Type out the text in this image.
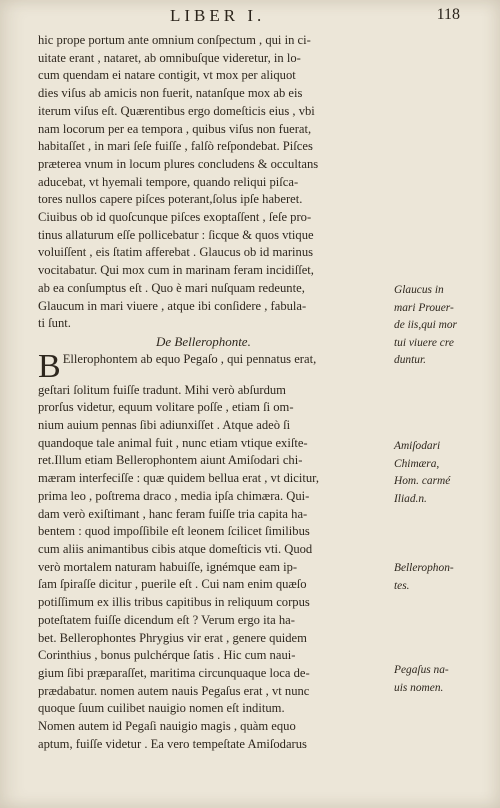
LIBER I.	118
hic prope portum ante omnium conſpectum , qui in ci-
uitate erant , nataret, ab omnibuſque videretur, in lo-
cum quendam ei natare contigit, vt mox per aliquot
dies viſus ab amicis non fuerit, natanſque mox ab eis
iterum viſus eſt. Quærentibus ergo domeſticis eius , vbi
nam locorum per ea tempora , quibus viſus non fuerat,
habitaſſet , in mari ſeſe fuiſſe , falſò reſpondebat. Piſces
præterea vnum in locum plures concludens & occultans
aducebat, vt hyemali tempore, quando reliqui piſca-
tores nullos capere piſces poterant,ſolus ipſe haberet.
Ciuibus ob id quoſcunque piſces exoptaſſent , ſeſe pro-
tinus allaturum eſſe pollicebatur : ſicque & quos vtique
voluiſſent , eis ſtatim afferebat . Glaucus ob id marinus
vocitabatur. Qui mox cum in marinam feram incidiſſet,
ab ea conſumptus eſt . Quo è mari nuſquam redeunte,
Glaucum in mari viuere , atque ibi conſidere , fabula-
ti ſunt.
De Bellerophonte.
B Ellerophontem ab equo Pegaſo , qui pennatus erat,
geſtari ſolitum fuiſſe tradunt. Mihi verò abſurdum
prorſus videtur, equum volitare poſſe , etiam ſi om-
nium auium pennas ſibi adiunxiſſet . Atque adeò ſi
quandoque tale animal fuit , nunc etiam vtique exiſte-
ret.Illum etiam Bellerophontem aiunt Amiſodari chi-
mæram interfeciſſe : quæ quidem bellua erat , vt dicitur,
prima leo , poſtrema draco , media ipſa chimæra. Qui-
dam verò exiſtimant , hanc feram fuiſſe tria capita ha-
bentem : quod impoſſibile eſt leonem ſcilicet ſimilibus
cum aliis animantibus cibis atque domeſticis vti. Quod
verò mortalem naturam habuiſſe, ignémque eam ip-
ſam ſpiraſſe dicitur , puerile eſt . Cui nam enim quæſo
potiſſimum ex illis tribus capitibus in reliquum corpus
poteſtatem fuiſſe dicendum eſt ? Verum ergo ita ha-
bet. Bellerophontes Phrygius vir erat , genere quidem
Corinthius , bonus pulchérque ſatis . Hic cum naui-
gium ſibi præparaſſet, maritima circunquaque loca de-
prædabatur. nomen autem nauis Pegaſus erat , vt nunc
quoque ſuum cuilibet nauigio nomen eſt inditum.
Nomen autem id Pegaſi nauigio magis , quàm equo
aptum, fuiſſe videtur . Ea vero tempeſtate Amiſodarus
Glaucus in
mari Prouer-
de iis,qui mor
tui viuere cre
duntur.
Amiſodari
Chimæra,
Hom. carmé
Iliad.n.
Bellerophon-
tes.
Pegaſus na-
uis nomen.
